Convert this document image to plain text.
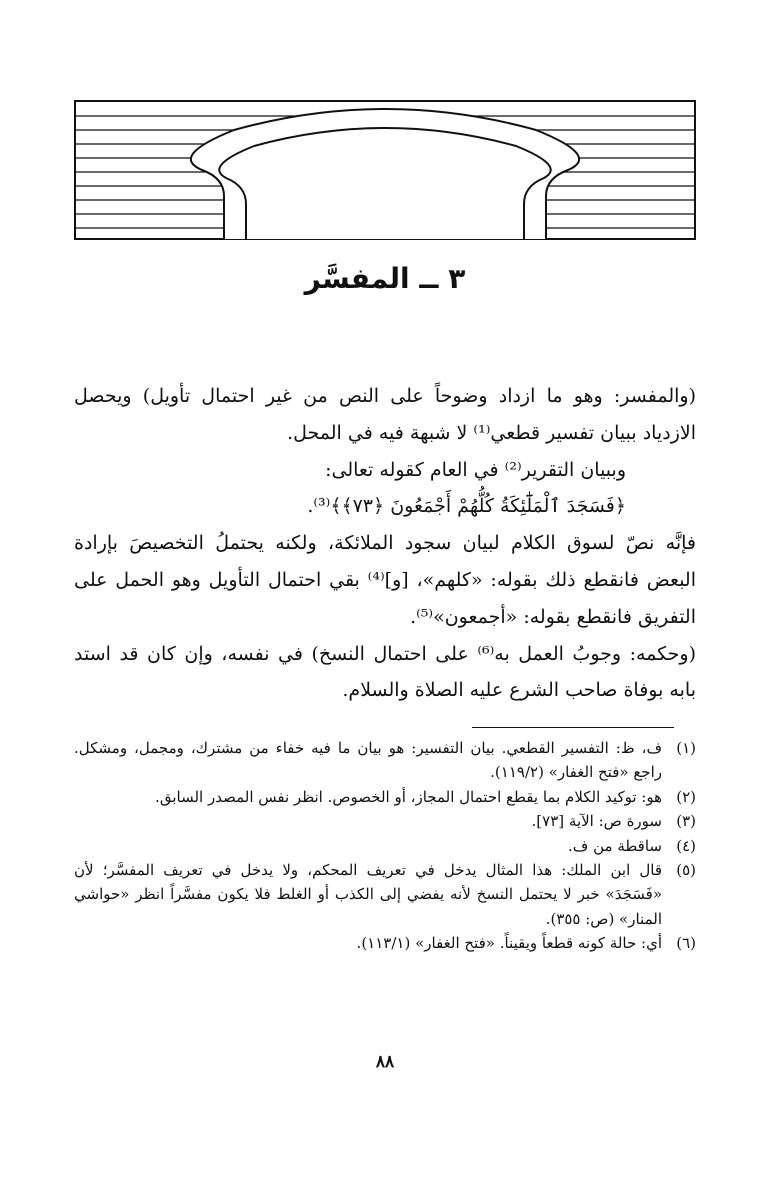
٣ ــ المفسَّر

(والمفسر: وهو ما ازداد وضوحاً على النص من غير احتمال تأويل) ويحصل الازدياد ببيان تفسير قطعي⁽¹⁾ لا شبهة فيه في المحل.

وببيان التقرير⁽²⁾ في العام كقوله تعالى:

﴿فَسَجَدَ ٱلْمَلَٰٓئِكَةُ كُلُّهُمْ أَجْمَعُونَ ﴿٧٣﴾﴾⁽³⁾.

فإنَّه نصّ لسوق الكلام لبيان سجود الملائكة، ولكنه يحتملُ التخصيصَ بإرادة البعض فانقطع ذلك بقوله: «كلهم»، [و]⁽⁴⁾ بقي احتمال التأويل وهو الحمل على التفريق فانقطع بقوله: «أجمعون»⁽⁵⁾.

(وحكمه: وجوبُ العمل به⁽⁶⁾ على احتمال النسخ) في نفسه، وإن كان قد استد بابه بوفاة صاحب الشرع عليه الصلاة والسلام.

(١)
ف، ظ: التفسير القطعي. بيان التفسير: هو بيان ما فيه خفاء من مشترك، ومجمل، ومشكل. راجع «فتح الغفار» (١١٩/٢).
(٢)
هو: توكيد الكلام بما يقطع احتمال المجاز، أو الخصوص. انظر نفس المصدر السابق.
(٣)
سورة ص: الآية [٧٣].
(٤)
ساقطة من ف.
(٥)
قال ابن الملك: هذا المثال يدخل في تعريف المحكم، ولا يدخل في تعريف المفسَّر؛ لأن «فَسَجَدَ» خبر لا يحتمل النسخ لأنه يفضي إلى الكذب أو الغلط فلا يكون مفسَّراً انظر «حواشي المنار» (ص: ٣٥٥).
(٦)
أي: حالة كونه قطعاً ويقيناً. «فتح الغفار» (١١٣/١).
٨٨
